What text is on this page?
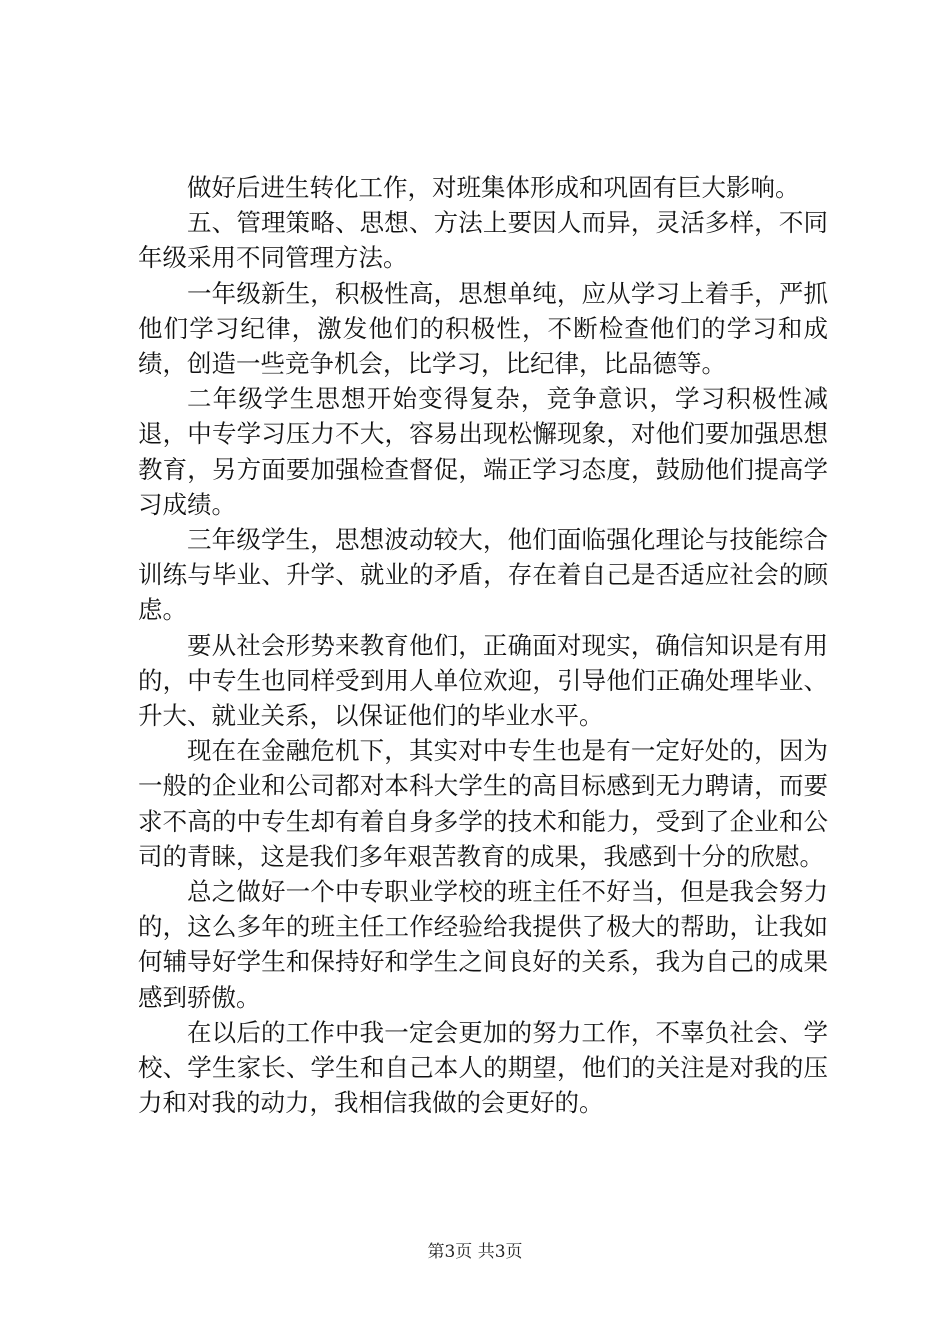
做好后进生转化工作，对班集体形成和巩固有巨大影响。

五、管理策略、思想、方法上要因人而异，灵活多样，不同年级采用不同管理方法。

一年级新生，积极性高，思想单纯，应从学习上着手，严抓他们学习纪律，激发他们的积极性，不断检查他们的学习和成绩，创造一些竞争机会，比学习，比纪律，比品德等。

二年级学生思想开始变得复杂，竞争意识，学习积极性减退，中专学习压力不大，容易出现松懈现象，对他们要加强思想教育，另方面要加强检查督促，端正学习态度，鼓励他们提高学习成绩。

三年级学生，思想波动较大，他们面临强化理论与技能综合训练与毕业、升学、就业的矛盾，存在着自己是否适应社会的顾虑。

要从社会形势来教育他们，正确面对现实，确信知识是有用的，中专生也同样受到用人单位欢迎，引导他们正确处理毕业、升大、就业关系，以保证他们的毕业水平。

现在在金融危机下，其实对中专生也是有一定好处的，因为一般的企业和公司都对本科大学生的高目标感到无力聘请，而要求不高的中专生却有着自身多学的技术和能力，受到了企业和公司的青睐，这是我们多年艰苦教育的成果，我感到十分的欣慰。

总之做好一个中专职业学校的班主任不好当，但是我会努力的，这么多年的班主任工作经验给我提供了极大的帮助，让我如何辅导好学生和保持好和学生之间良好的关系，我为自己的成果感到骄傲。

在以后的工作中我一定会更加的努力工作，不辜负社会、学校、学生家长、学生和自己本人的期望，他们的关注是对我的压力和对我的动力，我相信我做的会更好的。

第3页 共3页
